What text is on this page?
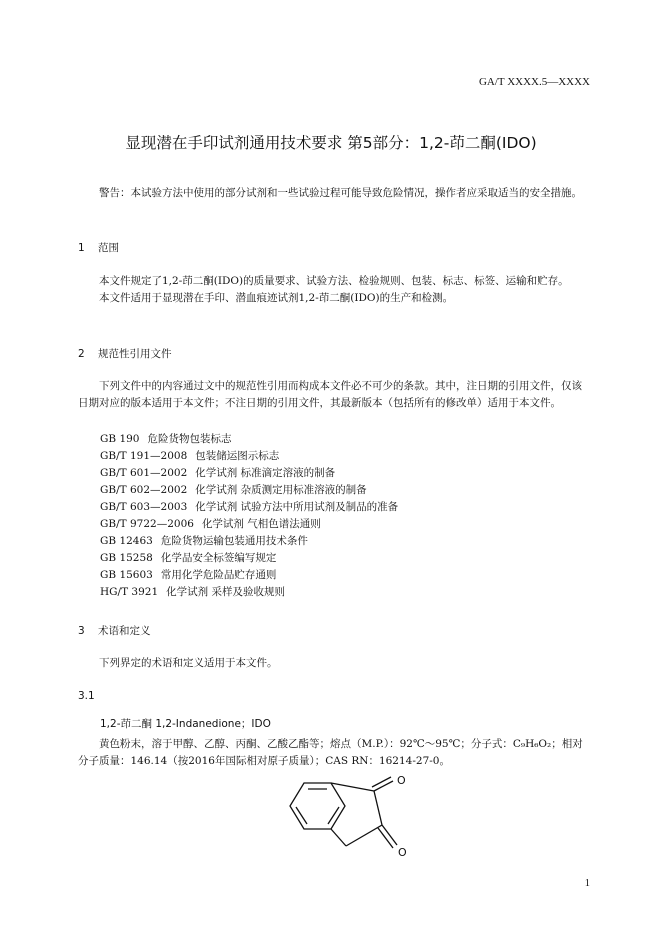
GA/T XXXX.5—XXXX
显现潜在手印试剂通用技术要求 第5部分：1,2-茚二酮(IDO)
警告：本试验方法中使用的部分试剂和一些试验过程可能导致危险情况，操作者应采取适当的安全措施。
1 范围
本文件规定了1,2-茚二酮(IDO)的质量要求、试验方法、检验规则、包装、标志、标签、运输和贮存。
本文件适用于显现潜在手印、潜血痕迹试剂1,2-茚二酮(IDO)的生产和检测。
2 规范性引用文件
下列文件中的内容通过文中的规范性引用而构成本文件必不可少的条款。其中，注日期的引用文件，仅该日期对应的版本适用于本文件；不注日期的引用文件，其最新版本（包括所有的修改单）适用于本文件。
GB 190 危险货物包装标志
GB/T 191—2008 包装储运图示标志
GB/T 601—2002 化学试剂 标准滴定溶液的制备
GB/T 602—2002 化学试剂 杂质测定用标准溶液的制备
GB/T 603—2003 化学试剂 试验方法中所用试剂及制品的准备
GB/T 9722—2006 化学试剂 气相色谱法通则
GB 12463 危险货物运输包装通用技术条件
GB 15258 化学品安全标签编写规定
GB 15603 常用化学危险品贮存通则
HG/T 3921 化学试剂 采样及验收规则
3 术语和定义
下列界定的术语和定义适用于本文件。
3.1
1,2-茚二酮 1,2-Indanedione；IDO
黄色粉末，溶于甲醇、乙醇、丙酮、乙酸乙酯等；熔点（M.P.）：92℃～95℃；分子式：C₉H₆O₂；相对分子质量：146.14（按2016年国际相对原子质量）；CAS RN：16214-27-0。
O
O
1
